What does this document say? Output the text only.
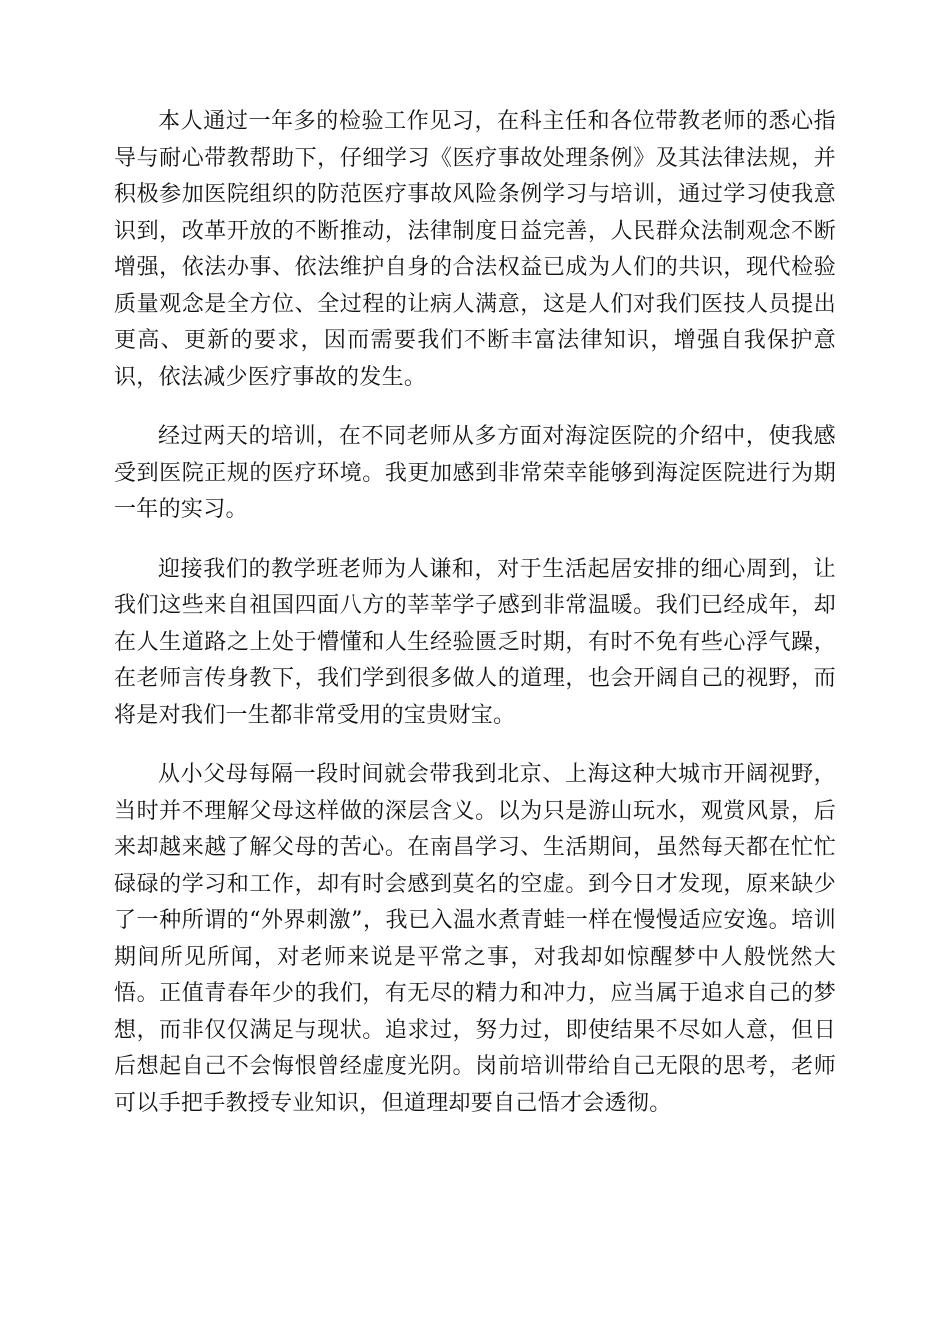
本人通过一年多的检验工作见习，在科主任和各位带教老师的悉心指导与耐心带教帮助下，仔细学习《医疗事故处理条例》及其法律法规，并积极参加医院组织的防范医疗事故风险条例学习与培训，通过学习使我意识到，改革开放的不断推动，法律制度日益完善，人民群众法制观念不断增强，依法办事、依法维护自身的合法权益已成为人们的共识，现代检验质量观念是全方位、全过程的让病人满意，这是人们对我们医技人员提出更高、更新的要求，因而需要我们不断丰富法律知识，增强自我保护意识，依法减少医疗事故的发生。

经过两天的培训，在不同老师从多方面对海淀医院的介绍中，使我感受到医院正规的医疗环境。我更加感到非常荣幸能够到海淀医院进行为期一年的实习。

迎接我们的教学班老师为人谦和，对于生活起居安排的细心周到，让我们这些来自祖国四面八方的莘莘学子感到非常温暖。我们已经成年，却在人生道路之上处于懵懂和人生经验匮乏时期，有时不免有些心浮气躁，在老师言传身教下，我们学到很多做人的道理，也会开阔自己的视野，而将是对我们一生都非常受用的宝贵财宝。

从小父母每隔一段时间就会带我到北京、上海这种大城市开阔视野，当时并不理解父母这样做的深层含义。以为只是游山玩水，观赏风景，后来却越来越了解父母的苦心。在南昌学习、生活期间，虽然每天都在忙忙碌碌的学习和工作，却有时会感到莫名的空虚。到今日才发现，原来缺少了一种所谓的“外界刺激”，我已入温水煮青蛙一样在慢慢适应安逸。培训期间所见所闻，对老师来说是平常之事，对我却如惊醒梦中人般恍然大悟。正值青春年少的我们，有无尽的精力和冲力，应当属于追求自己的梦想，而非仅仅满足与现状。追求过，努力过，即使结果不尽如人意，但日后想起自己不会悔恨曾经虚度光阴。岗前培训带给自己无限的思考，老师可以手把手教授专业知识，但道理却要自己悟才会透彻。
